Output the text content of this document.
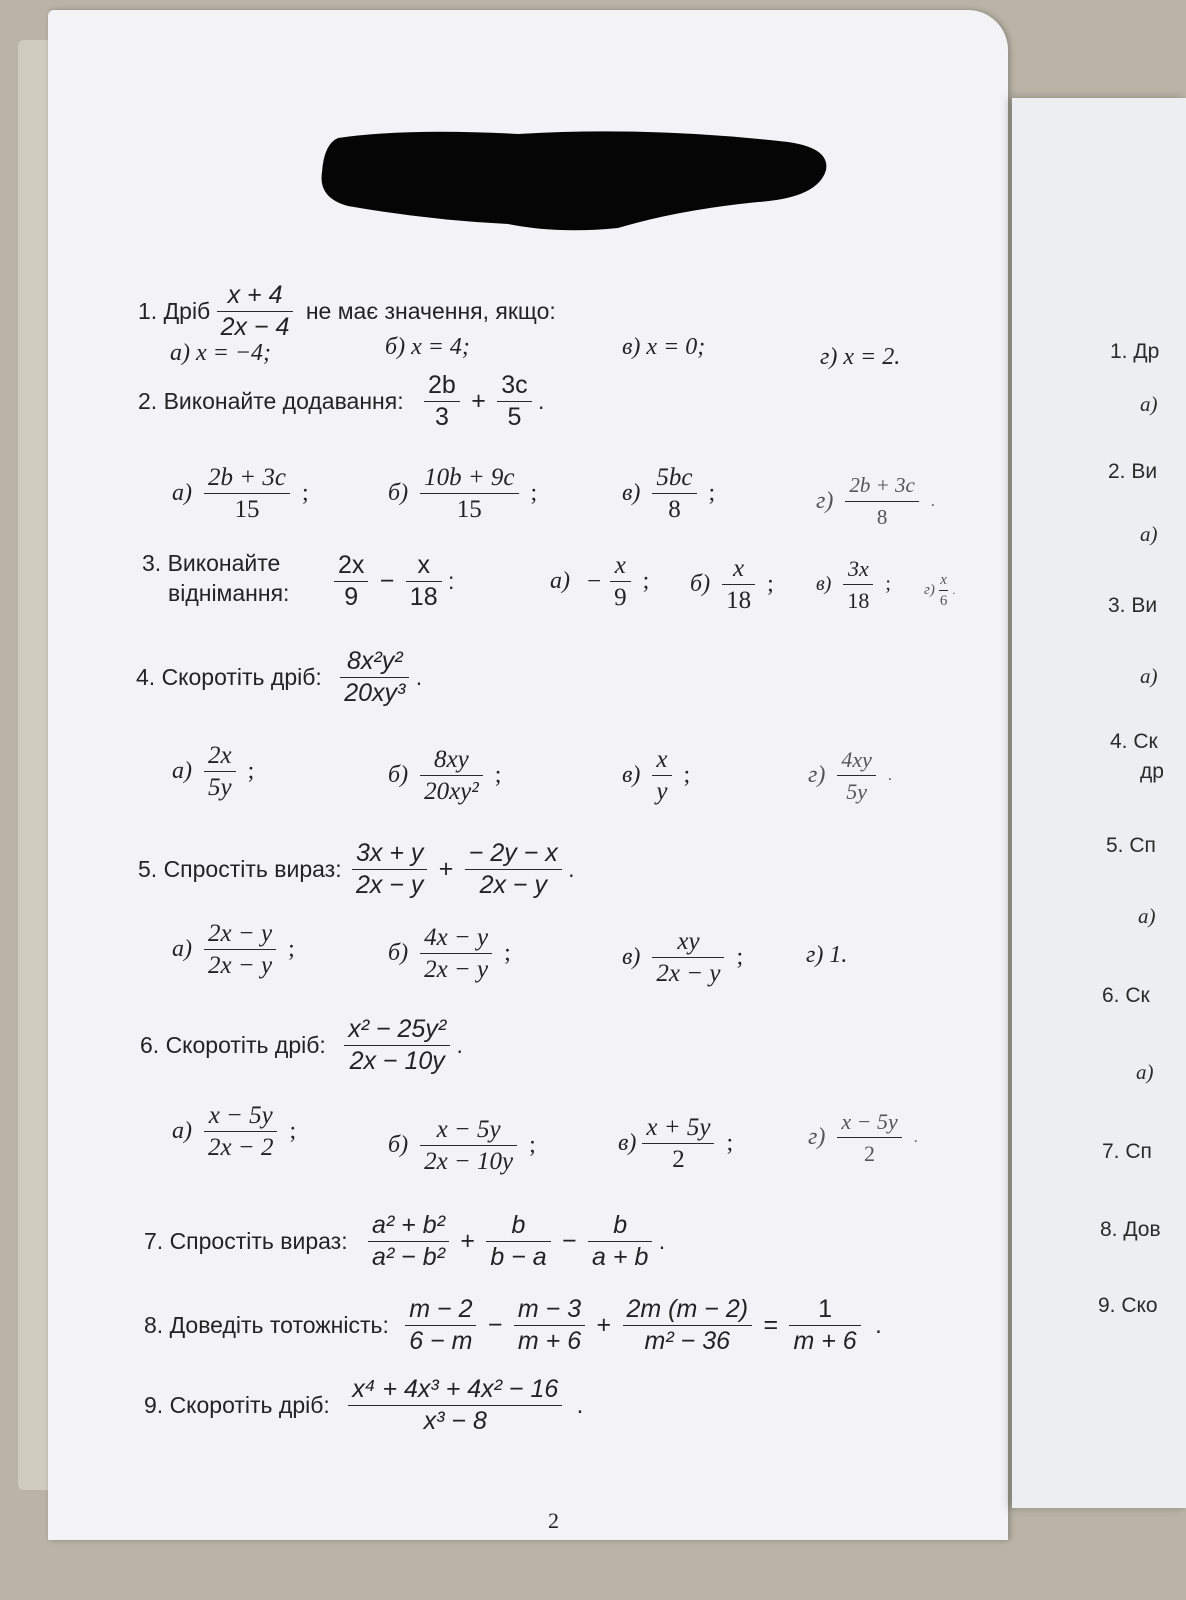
1. Дріб $\frac{x + 4}{2x - 4}$ не має значення, якщо:
а) x = −4;	б) x = 4;	в) x = 0;	г) x = 2.
2. Виконайте додавання: $\frac{2b}{3} + \frac{3c}{5}$ .
$а) \frac{2b + 3c}{15}$ ;	$б) \frac{10b + 9c}{15}$ ;	$в) \frac{5bc}{8}$ ;	$г) \frac{2b + 3c}{8}$ .
3. Виконайте
віднімання: $\frac{2x}{9} - \frac{x}{18}$ :	$а) - \frac{x}{9}$ ; $б) \frac{x}{18}$ ; $в) \frac{3x}{18}$ ; $г) \frac{x}{6}$ .
4. Скоротіть дріб: $\frac{\text{8x²y²}}{\text{20xy³}}$ .
$а) \frac{2x}{5y}$ ;	$б) \frac{8xy}{\text{20xy²}}$ ;	$в) \frac{x}{y}$ ;	$г) \frac{4xy}{5y}$ .
5. Спростіть вираз: $\frac{3x + y}{2x - y} + \frac{- 2y - x}{2x - y}$ .
$а) \frac{2x - y}{2x - y}$ ;	$б) \frac{4x - y}{2x - y}$ ;	$в) \frac{xy}{2x - y}$ ;	г) 1.
6. Скоротіть дріб: $\frac{\text{x² − 25y²}}{2x - 10y}$ .
$а) \frac{x - 5y}{2x - 2}$ ;
$б) \frac{x - 5y}{2x - 10y}$ ;	$в) \frac{x + 5y}{2}$ ;	$г) \frac{x - 5y}{2}$ .
7. Спростіть вираз: $\frac{\text{a² + b²}}{\text{a² − b²}} + \frac{b}{b - a} - \frac{b}{a + b}$ .
8. Доведіть тотожність: $\frac{m - 2}{6 - m} - \frac{m - 3}{m + 6} + \frac{2m (m - 2)}{\text{m² − 36}} = \frac{1}{m + 6}$ .
9. Скоротіть дріб: $\frac{\text{x⁴ + 4x³ + 4x² − 16}}{\text{x³ − 8}}$ .
2
1. Др
а)
2. Ви
а)
3. Ви
а)
4. Ск
др
5. Сп
а)
6. Ск
а)
7. Сп
8. Дов
9. Ско
